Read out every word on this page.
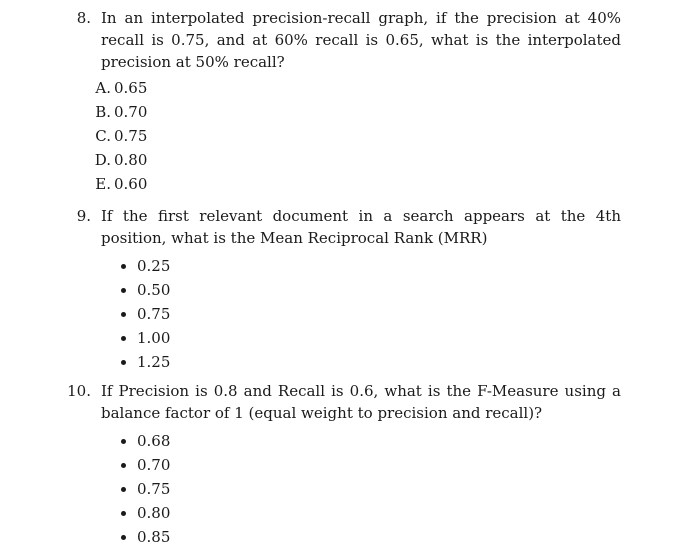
8. In an interpolated precision-recall graph, if the precision at 40% recall is 0.75, and at 60% recall is 0.65, what is the interpolated precision at 50% recall?
A. 0.65
B. 0.70
C. 0.75
D. 0.80
E. 0.60
9. If the first relevant document in a search appears at the 4th position, what is the Mean Reciprocal Rank (MRR)
0.25
0.50
0.75
1.00
1.25
10. If Precision is 0.8 and Recall is 0.6, what is the F-Measure using a balance factor of 1 (equal weight to precision and recall)?
0.68
0.70
0.75
0.80
0.85
